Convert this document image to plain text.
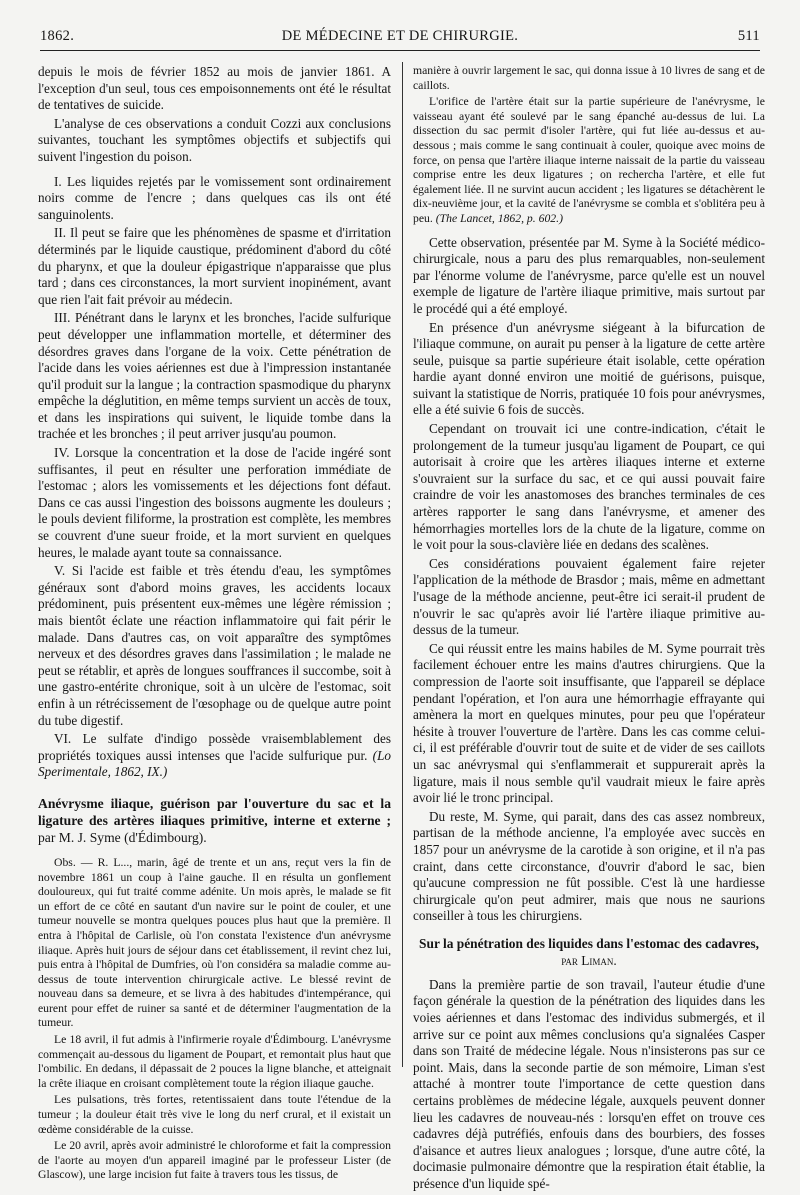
1862.	DE MÉDECINE ET DE CHIRURGIE.	511

depuis le mois de février 1852 au mois de janvier 1861. A l'exception d'un seul, tous ces empoisonnements ont été le résultat de tentatives de suicide.

L'analyse de ces observations a conduit Cozzi aux conclusions suivantes, touchant les symptômes objectifs et subjectifs qui suivent l'ingestion du poison.

I. Les liquides rejetés par le vomissement sont ordinairement noirs comme de l'encre ; dans quelques cas ils ont été sanguinolents.

II. Il peut se faire que les phénomènes de spasme et d'irritation déterminés par le liquide caustique, prédominent d'abord du côté du pharynx, et que la douleur épigastrique n'apparaisse que plus tard ; dans ces circonstances, la mort survient inopinément, avant que rien l'ait fait prévoir au médecin.

III. Pénétrant dans le larynx et les bronches, l'acide sulfurique peut développer une inflammation mortelle, et déterminer des désordres graves dans l'organe de la voix. Cette pénétration de l'acide dans les voies aériennes est due à l'impression instantanée qu'il produit sur la langue ; la contraction spasmodique du pharynx empêche la déglutition, en même temps survient un accès de toux, et dans les inspirations qui suivent, le liquide tombe dans la trachée et les bronches ; il peut arriver jusqu'au poumon.

IV. Lorsque la concentration et la dose de l'acide ingéré sont suffisantes, il peut en résulter une perforation immédiate de l'estomac ; alors les vomissements et les déjections font défaut. Dans ce cas aussi l'ingestion des boissons augmente les douleurs ; le pouls devient filiforme, la prostration est complète, les membres se couvrent d'une sueur froide, et la mort survient en quelques heures, le malade ayant toute sa connaissance.

V. Si l'acide est faible et très étendu d'eau, les symptômes généraux sont d'abord moins graves, les accidents locaux prédominent, puis présentent eux-mêmes une légère rémission ; mais bientôt éclate une réaction inflammatoire qui fait périr le malade. Dans d'autres cas, on voit apparaître des symptômes nerveux et des désordres graves dans l'assimilation ; le malade ne peut se rétablir, et après de longues souffrances il succombe, soit à une gastro-entérite chronique, soit à un ulcère de l'estomac, soit enfin à un rétrécissement de l'œsophage ou de quelque autre point du tube digestif.

VI. Le sulfate d'indigo possède vraisemblablement des propriétés toxiques aussi intenses que l'acide sulfurique pur. (Lo Sperimentale, 1862, IX.)

Anévrysme iliaque, guérison par l'ouverture du sac et la ligature des artères iliaques primitive, interne et externe ; par M. J. Syme (d'Édimbourg).

Obs. — R. L..., marin, âgé de trente et un ans, reçut vers la fin de novembre 1861 un coup à l'aine gauche. Il en résulta un gonflement douloureux, qui fut traité comme adénite. Un mois après, le malade se fit un effort de ce côté en sautant d'un navire sur le point de couler, et une tumeur nouvelle se montra quelques pouces plus haut que la première. Il entra à l'hôpital de Carlisle, où l'on constata l'existence d'un anévrysme iliaque. Après huit jours de séjour dans cet établissement, il revint chez lui, puis entra à l'hôpital de Dumfries, où l'on considéra sa maladie comme au-dessus de toute intervention chirurgicale active. Le blessé revint de nouveau dans sa demeure, et se livra à des habitudes d'intempérance, qui eurent pour effet de ruiner sa santé et de déterminer l'augmentation de la tumeur.

Le 18 avril, il fut admis à l'infirmerie royale d'Édimbourg. L'anévrysme commençait au-dessous du ligament de Poupart, et remontait plus haut que l'ombilic. En dedans, il dépassait de 2 pouces la ligne blanche, et atteignait la crête iliaque en croisant complètement toute la région iliaque gauche.

Les pulsations, très fortes, retentissaient dans toute l'étendue de la tumeur ; la douleur était très vive le long du nerf crural, et il existait un œdème considérable de la cuisse.

Le 20 avril, après avoir administré le chloroforme et fait la compression de l'aorte au moyen d'un appareil imaginé par le professeur Lister (de Glascow), une large incision fut faite à travers tous les tissus, de

manière à ouvrir largement le sac, qui donna issue à 10 livres de sang et de caillots.

L'orifice de l'artère était sur la partie supérieure de l'anévrysme, le vaisseau ayant été soulevé par le sang épanché au-dessus de lui. La dissection du sac permit d'isoler l'artère, qui fut liée au-dessus et au-dessous ; mais comme le sang continuait à couler, quoique avec moins de force, on pensa que l'artère iliaque interne naissait de la partie du vaisseau comprise entre les deux ligatures ; on rechercha l'artère, et elle fut également liée. Il ne survint aucun accident ; les ligatures se détachèrent le dix-neuvième jour, et la cavité de l'anévrysme se combla et s'oblitéra peu à peu. (The Lancet, 1862, p. 602.)

Cette observation, présentée par M. Syme à la Société médico-chirurgicale, nous a paru des plus remarquables, non-seulement par l'énorme volume de l'anévrysme, parce qu'elle est un nouvel exemple de ligature de l'artère iliaque primitive, mais surtout par le procédé qui a été employé.

En présence d'un anévrysme siégeant à la bifurcation de l'iliaque commune, on aurait pu penser à la ligature de cette artère seule, puisque sa partie supérieure était isolable, cette opération hardie ayant donné environ une moitié de guérisons, puisque, suivant la statistique de Norris, pratiquée 10 fois pour anévrysmes, elle a été suivie 6 fois de succès.

Cependant on trouvait ici une contre-indication, c'était le prolongement de la tumeur jusqu'au ligament de Poupart, ce qui autorisait à croire que les artères iliaques interne et externe s'ouvraient sur la surface du sac, et ce qui aussi pouvait faire craindre de voir les anastomoses des branches terminales de ces artères rapporter le sang dans l'anévrysme, et amener des hémorrhagies mortelles lors de la chute de la ligature, comme on le voit pour la sous-clavière liée en dedans des scalènes.

Ces considérations pouvaient également faire rejeter l'application de la méthode de Brasdor ; mais, même en admettant l'usage de la méthode ancienne, peut-être ici serait-il prudent de n'ouvrir le sac qu'après avoir lié l'artère iliaque primitive au-dessus de la tumeur.

Ce qui réussit entre les mains habiles de M. Syme pourrait très facilement échouer entre les mains d'autres chirurgiens. Que la compression de l'aorte soit insuffisante, que l'appareil se déplace pendant l'opération, et l'on aura une hémorrhagie effrayante qui amènera la mort en quelques minutes, pour peu que l'opérateur hésite à trouver l'ouverture de l'artère. Dans les cas comme celui-ci, il est préférable d'ouvrir tout de suite et de vider de ses caillots un sac anévrysmal qui s'enflammerait et suppurerait après la ligature, mais il nous semble qu'il vaudrait mieux le faire après avoir lié le tronc principal.

Du reste, M. Syme, qui parait, dans des cas assez nombreux, partisan de la méthode ancienne, l'a employée avec succès en 1857 pour un anévrysme de la carotide à son origine, et il n'a pas craint, dans cette circonstance, d'ouvrir d'abord le sac, bien qu'aucune compression ne fût possible. C'est là une hardiesse chirurgicale qu'on peut admirer, mais que nous ne saurions conseiller à tous les chirurgiens.

Sur la pénétration des liquides dans l'estomac des cadavres, par Liman.

Dans la première partie de son travail, l'auteur étudie d'une façon générale la question de la pénétration des liquides dans les voies aériennes et dans l'estomac des individus submergés, et il arrive sur ce point aux mêmes conclusions qu'a signalées Casper dans son Traité de médecine légale. Nous n'insisterons pas sur ce point. Mais, dans la seconde partie de son mémoire, Liman s'est attaché à montrer toute l'importance de cette question dans certains problèmes de médecine légale, auxquels peuvent donner lieu les cadavres de nouveau-nés : lorsqu'en effet on trouve ces cadavres déjà putréfiés, enfouis dans des bourbiers, des fosses d'aisance et autres lieux analogues ; lorsque, d'une autre côté, la docimasie pulmonaire démontre que la respiration était établie, la présence d'un liquide spé-
